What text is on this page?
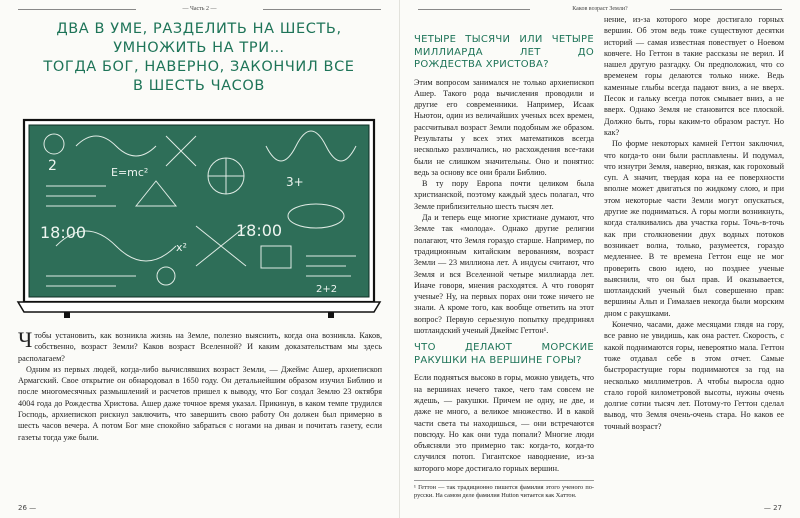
— Часть 2 —
ДВА В УМЕ, РАЗДЕЛИТЬ НА ШЕСТЬ,
УМНОЖИТЬ НА ТРИ…
ТОГДА БОГ, НАВЕРНО, ЗАКОНЧИЛ ВСЕ
В ШЕСТЬ ЧАСОВ
2	E=mc²
18:00	18:00
x²
3+
2+2

Чтобы установить, как возникла жизнь на Земле, полезно выяснить, когда она возникла. Каков, собственно, возраст Земли? Каков возраст Вселенной? И каким доказательствам мы здесь располагаем?

Одним из первых людей, когда-либо вычислявших возраст Земли, — Джеймс Ашер, архиепископ Армагский. Свое открытие он обнародовал в 1650 году. Он детальнейшим образом изучил Библию и после многомесячных размышлений и расчетов пришел к выводу, что Бог создал Землю 23 октября 4004 года до Рождества Христова. Ашер даже точное время указал. Прикинув, в каком темпе трудился Господь, архиепископ рискнул заключить, что завершить свою работу Он должен был примерно в шесть часов вечера. А потом Бог мне спокойно забраться с ногами на диван и почитать газету, если газеты тогда уже были.

26 —
Каков возраст Земли?
ЧЕТЫРЕ ТЫСЯЧИ ИЛИ ЧЕТЫРЕ МИЛЛИАРДА ЛЕТ ДО РОЖДЕСТВА ХРИСТОВА?

Этим вопросом занимался не только архиепископ Ашер. Такого рода вычисления проводили и другие его современники. Например, Исаак Ньютон, один из величайших ученых всех времен, рассчитывал возраст Земли подобным же образом. Результаты у всех этих математиков всегда несколько различались, но расхождения все-таки были не слишком значительны. Оно и понятно: ведь за основу все они брали Библию.

В ту пору Европа почти целиком была христианской, поэтому каждый здесь полагал, что Земле приблизительно шесть тысяч лет.

Да и теперь еще многие христиане думают, что Земле так «молода». Однако другие религии полагают, что Земля гораздо старше. Например, по традиционным китайским верованиям, возраст Земли — 23 миллиона лет. А индусы считают, что Земля и вся Вселенной четыре миллиарда лет. Иначе говоря, мнения расходятся. А что говорят ученые? Ну, на первых порах они тоже ничего не знали. А кроме того, как вообще ответить на этот вопрос? Первую серьезную попытку предпринял шотландский ученый Джеймс Геттон¹.

ЧТО ДЕЛАЮТ МОРСКИЕ РАКУШКИ НА ВЕРШИНЕ ГОРЫ?

Если подняться высоко в горы, можно увидеть, что на вершинах нечего такое, чего там совсем не ждешь, — ракушки. Причем не одну, не две, и даже не много, а великое множество. И в какой части света ты находишься, — они встречаются повсюду. Но как они туда попали? Многие люди объясняли это примерно так: когда-то, когда-то случился потоп. Гигантское наводнение, из-за которого море достигало горных вершин.

¹ Геттон — так традиционно пишется фамилия этого ученого по-русски. На самом деле фамилия Hutton читается как Хаттон.

нение, из-за которого море достигало горных вершин. Об этом ведь тоже существуют десятки историй — самая известная повествует о Ноевом ковчеге. Но Геттон в такие рассказы не верил. И нашел другую разгадку. Он предположил, что со временем горы делаются только ниже. Ведь каменные глыбы всегда падают вниз, а не вверх. Песок и гальку всегда поток смывает вниз, а не вверх. Однако Земля не становится все плоской. Должно быть, горы каким-то образом растут. Но как?

По форме некоторых камней Геттон заключил, что когда-то они были расплавлены. И подумал, что изнутри Земля, наверно, вязкая, как гороховый суп. А значит, твердая кора на ее поверхности вполне может двигаться по жидкому слою, и при этом некоторые части Земли могут опускаться, другие же подниматься. А горы могли возникнуть, когда сталкивались два участка горы. Точь-в-точь как при столкновении двух водных потоков возникает волна, только, разумеется, гораздо медленнее. В те времена Геттон еще не мог проверить свою идею, но позднее ученые выяснили, что он был прав. И оказывается, шотландский ученый был совершенно прав: вершины Альп и Гималаев некогда были морским дном с ракушками.

Конечно, часами, даже месяцами глядя на гору, все равно не увидишь, как она растет. Скорость, с какой поднимаются горы, невероятно мала. Геттон тоже отдавал себе в этом отчет. Самые быстрорастущие горы поднимаются за год на несколько миллиметров. А чтобы выросла одно стало горой километровой высоты, нужны очень долгие сотни тысяч лет. Потому-то Геттон сделал вывод, что Земля очень-очень стара. Но каков ее точный возраст?

— 27
